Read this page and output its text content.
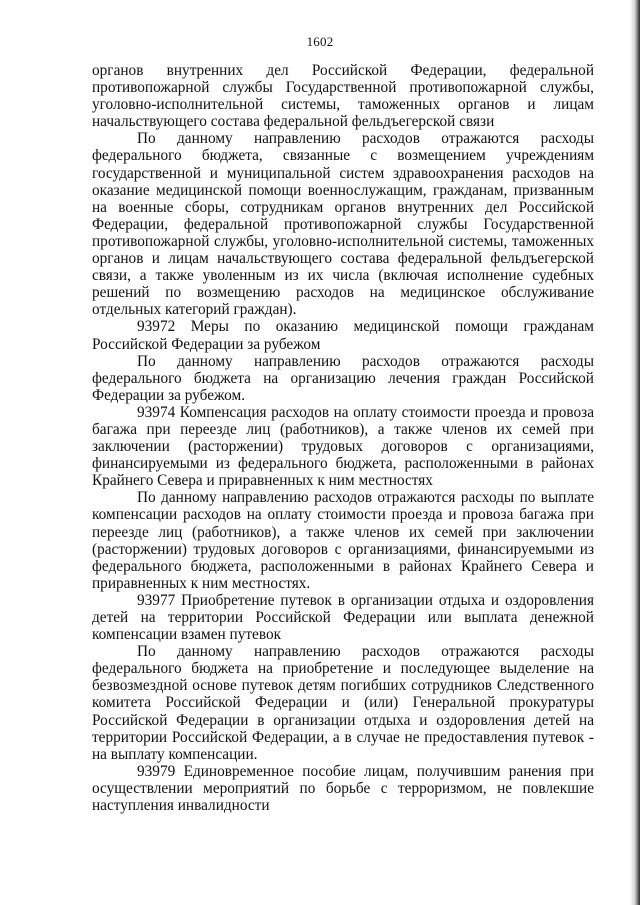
1602

органов внутренних дел Российской Федерации, федеральной противопожарной службы Государственной противопожарной службы, уголовно-исполнительной системы, таможенных органов и лицам начальствующего состава федеральной фельдъегерской связи

По данному направлению расходов отражаются расходы федерального бюджета, связанные с возмещением учреждениям государственной и муниципальной систем здравоохранения расходов на оказание медицинской помощи военнослужащим, гражданам, призванным на военные сборы, сотрудникам органов внутренних дел Российской Федерации, федеральной противопожарной службы Государственной противопожарной службы, уголовно-исполнительной системы, таможенных органов и лицам начальствующего состава федеральной фельдъегерской связи, а также уволенным из их числа (включая исполнение судебных решений по возмещению расходов на медицинское обслуживание отдельных категорий граждан).

93972 Меры по оказанию медицинской помощи гражданам Российской Федерации за рубежом

По данному направлению расходов отражаются расходы федерального бюджета на организацию лечения граждан Российской Федерации за рубежом.

93974 Компенсация расходов на оплату стоимости проезда и провоза багажа при переезде лиц (работников), а также членов их семей при заключении (расторжении) трудовых договоров с организациями, финансируемыми из федерального бюджета, расположенными в районах Крайнего Севера и приравненных к ним местностях

По данному направлению расходов отражаются расходы по выплате компенсации расходов на оплату стоимости проезда и провоза багажа при переезде лиц (работников), а также членов их семей при заключении (расторжении) трудовых договоров с организациями, финансируемыми из федерального бюджета, расположенными в районах Крайнего Севера и приравненных к ним местностях.

93977 Приобретение путевок в организации отдыха и оздоровления детей на территории Российской Федерации или выплата денежной компенсации взамен путевок

По данному направлению расходов отражаются расходы федерального бюджета на приобретение и последующее выделение на безвозмездной основе путевок детям погибших сотрудников Следственного комитета Российской Федерации и (или) Генеральной прокуратуры Российской Федерации в организации отдыха и оздоровления детей на территории Российской Федерации, а в случае не предоставления путевок - на выплату компенсации.

93979 Единовременное пособие лицам, получившим ранения при осуществлении мероприятий по борьбе с терроризмом, не повлекшие наступления инвалидности
